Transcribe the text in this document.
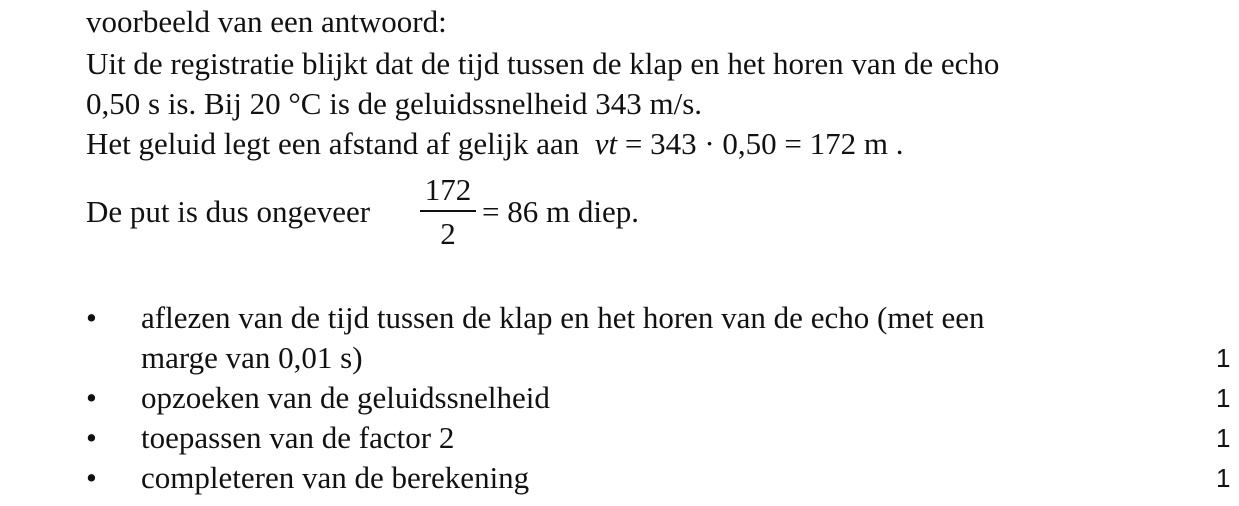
voorbeeld van een antwoord:
Uit de registratie blijkt dat de tijd tussen de klap en het horen van de echo
0,50 s is. Bij 20 °C is de geluidssnelheid 343 m/s.
Het geluid legt een afstand af gelijk aan vt = 343 · 0,50 = 172 m .
De put is dus ongeveer
172
2
= 86 m diep.
• aflezen van de tijd tussen de klap en het horen van de echo (met een
marge van 0,01 s)	1
• opzoeken van de geluidssnelheid	1
• toepassen van de factor 2	1
• completeren van de berekening	1
